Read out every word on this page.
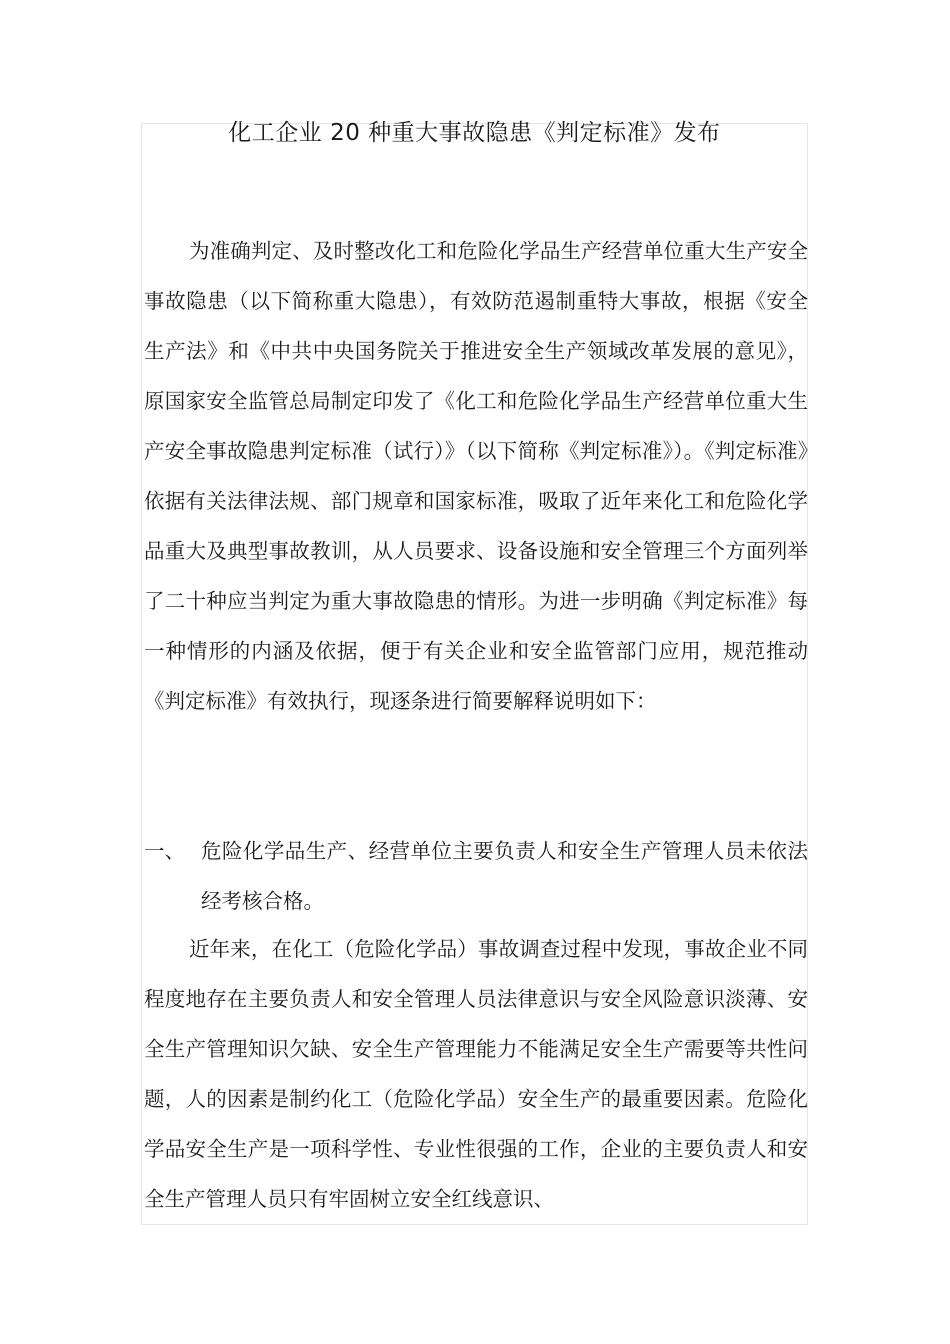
化工企业 20 种重大事故隐患《判定标准》发布

为准确判定、及时整改化工和危险化学品生产经营单位重大生产安全事故隐患（以下简称重大隐患），有效防范遏制重特大事故，根据《安全生产法》和《中共中央国务院关于推进安全生产领域改革发展的意见》，原国家安全监管总局制定印发了《化工和危险化学品生产经营单位重大生产安全事故隐患判定标准（试行）》（以下简称《判定标准》）。《判定标准》依据有关法律法规、部门规章和国家标准，吸取了近年来化工和危险化学品重大及典型事故教训，从人员要求、设备设施和安全管理三个方面列举了二十种应当判定为重大事故隐患的情形。为进一步明确《判定标准》每一种情形的内涵及依据，便于有关企业和安全监管部门应用，规范推动《判定标准》有效执行，现逐条进行简要解释说明如下：

一、 危险化学品生产、经营单位主要负责人和安全生产管理人员未依法经考核合格。

近年来，在化工（危险化学品）事故调查过程中发现，事故企业不同程度地存在主要负责人和安全管理人员法律意识与安全风险意识淡薄、安全生产管理知识欠缺、安全生产管理能力不能满足安全生产需要等共性问题，人的因素是制约化工（危险化学品）安全生产的最重要因素。危险化学品安全生产是一项科学性、专业性很强的工作，企业的主要负责人和安全生产管理人员只有牢固树立安全红线意识、
